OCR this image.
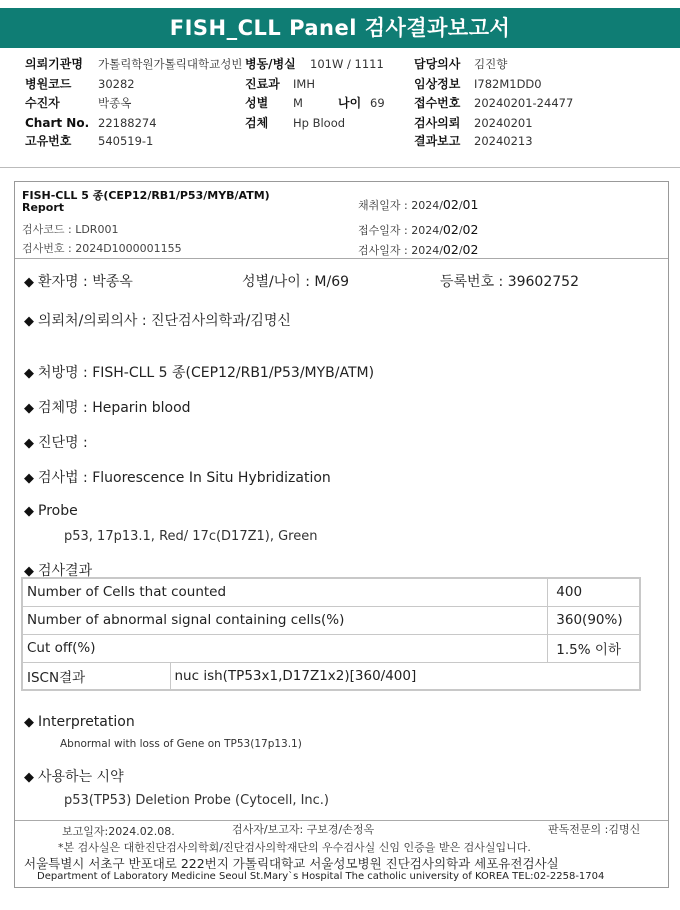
FISH_CLL Panel 검사결과보고서
의뢰기관명 가톨릭학원가톨릭대학교성빈 병동/병실 101W / 1111	담당의사 김진향
병원코드 30282	진료과 IMH	임상정보 I782M1DD0
수진자	박종옥	성별 M	나이 69 접수번호 20240201-24477
Chart No. 22188274	검체 Hp Blood	검사의뢰 20240201
고유번호 540519-1	결과보고 20240213
FISH-CLL 5 종(CEP12/RB1/P53/MYB/ATM)
Report
검사코드 : LDR001
검사번호 : 2024D1000001155
채취일자 : 2024/02/01
접수일자 : 2024/02/02
검사일자 : 2024/02/02
◆ 환자명 : 박종옥	성별/나이 : M/69	등록번호 : 39602752
◆ 의뢰처/의뢰의사 : 진단검사의학과/김명신
◆ 처방명 : FISH-CLL 5 종(CEP12/RB1/P53/MYB/ATM)
◆ 검체명 : Heparin blood
◆ 진단명 :
◆ 검사법 : Fluorescence In Situ Hybridization
◆ Probe
p53, 17p13.1, Red/ 17c(D17Z1), Green
◆ 검사결과
Number of Cells that counted		400
Number of abnormal signal containing cells(%)		360(90%)
Cut off(%)		1.5% 이하
ISCN결과	nuc ish(TP53x1,D17Z1x2)[360/400]	
◆ Interpretation
Abnormal with loss of Gene on TP53(17p13.1)
◆ 사용하는 시약
p53(TP53) Deletion Probe (Cytocell, Inc.)
보고일자:2024.02.08.	검사자/보고자: 구보경/손정옥	판독전문의 :김명신
*본 검사실은 대한진단검사의학회/진단검사의학재단의 우수검사실 신임 인증을 받은 검사실입니다.
서울특별시 서초구 반포대로 222번지 가톨릭대학교 서울성모병원 진단검사의학과 세포유전검사실
Department of Laboratory Medicine Seoul St.Mary`s Hospital The catholic university of KOREA TEL:02-2258-1704
